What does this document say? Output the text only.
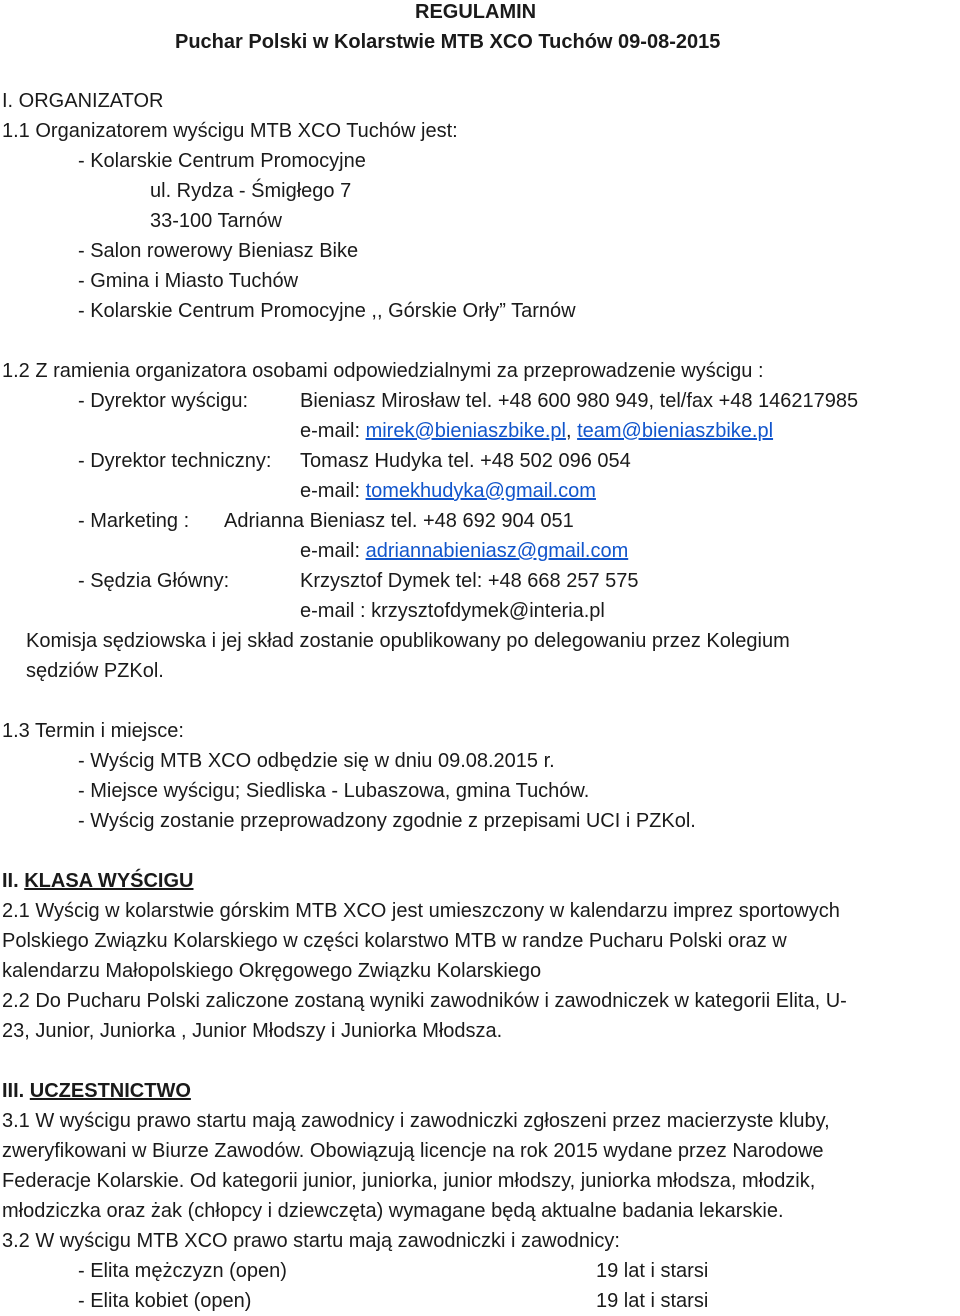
REGULAMIN
Puchar Polski w Kolarstwie MTB XCO Tuchów 09-08-2015
I. ORGANIZATOR
1.1 Organizatorem wyścigu MTB XCO Tuchów jest:
- Kolarskie Centrum Promocyjne
ul. Rydza - Śmigłego 7
33-100 Tarnów
- Salon rowerowy Bieniasz Bike
- Gmina i Miasto Tuchów
- Kolarskie Centrum Promocyjne ,, Górskie Orły” Tarnów
1.2 Z ramienia organizatora osobami odpowiedzialnymi za przeprowadzenie wyścigu :
- Dyrektor wyścigu:	Bieniasz Mirosław tel. +48 600 980 949, tel/fax +48 146217985
e-mail: mirek@bieniaszbike.pl, team@bieniaszbike.pl
- Dyrektor techniczny: Tomasz Hudyka tel. +48 502 096 054
e-mail: tomekhudyka@gmail.com
- Marketing : Adrianna Bieniasz tel. +48 692 904 051
e-mail: adriannabieniasz@gmail.com
- Sędzia Główny:	Krzysztof Dymek tel: +48 668 257 575
e-mail : krzysztofdymek@interia.pl
Komisja sędziowska i jej skład zostanie opublikowany po delegowaniu przez Kolegium
sędziów PZKol.
1.3 Termin i miejsce:
- Wyścig MTB XCO odbędzie się w dniu 09.08.2015 r.
- Miejsce wyścigu; Siedliska - Lubaszowa, gmina Tuchów.
- Wyścig zostanie przeprowadzony zgodnie z przepisami UCI i PZKol.
II. KLASA WYŚCIGU
2.1 Wyścig w kolarstwie górskim MTB XCO jest umieszczony w kalendarzu imprez sportowych
Polskiego Związku Kolarskiego w części kolarstwo MTB w randze Pucharu Polski oraz w
kalendarzu Małopolskiego Okręgowego Związku Kolarskiego
2.2 Do Pucharu Polski zaliczone zostaną wyniki zawodników i zawodniczek w kategorii Elita, U-
23, Junior, Juniorka , Junior Młodszy i Juniorka Młodsza.
III. UCZESTNICTWO
3.1 W wyścigu prawo startu mają zawodnicy i zawodniczki zgłoszeni przez macierzyste kluby,
zweryfikowani w Biurze Zawodów. Obowiązują licencje na rok 2015 wydane przez Narodowe
Federacje Kolarskie. Od kategorii junior, juniorka, junior młodszy, juniorka młodsza, młodzik,
młodziczka oraz żak (chłopcy i dziewczęta) wymagane będą aktualne badania lekarskie.
3.2 W wyścigu MTB XCO prawo startu mają zawodniczki i zawodnicy:
- Elita mężczyzn (open)	19 lat i starsi
- Elita kobiet (open)	19 lat i starsi
